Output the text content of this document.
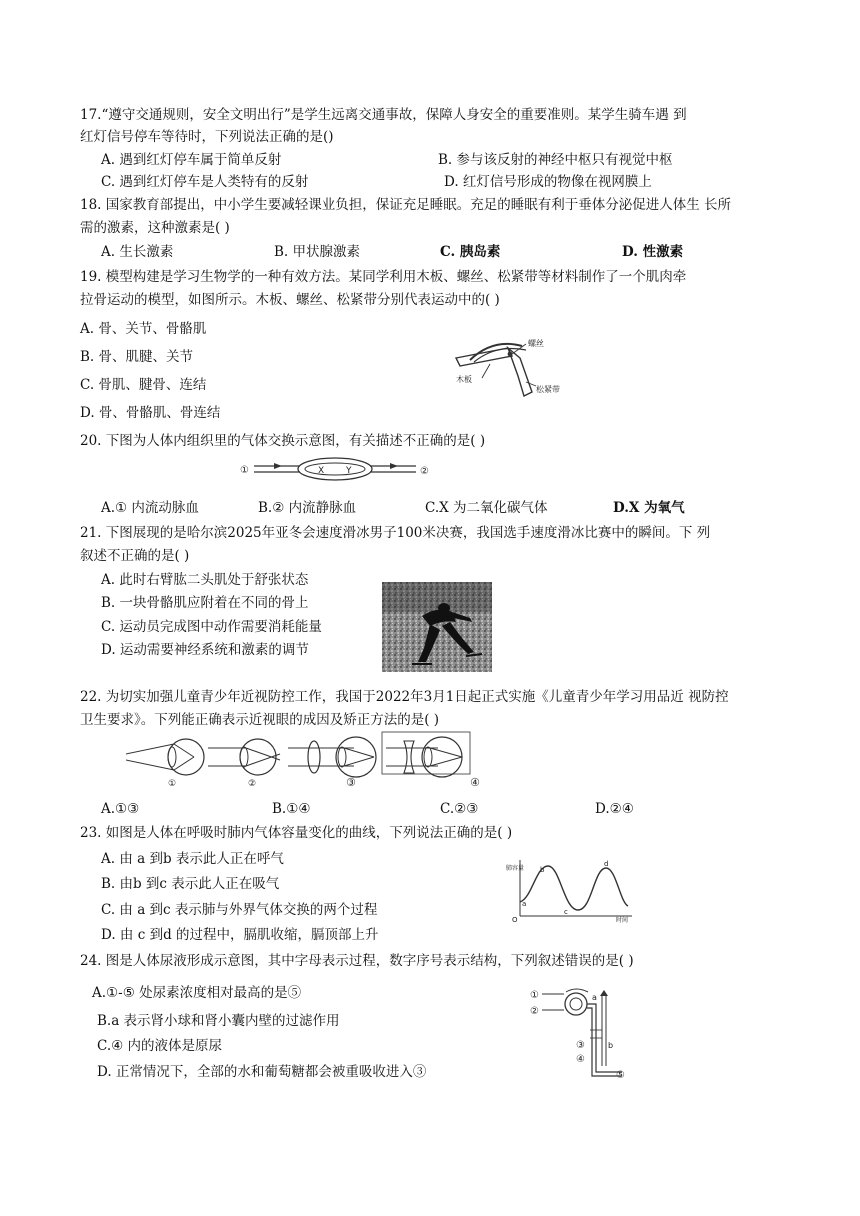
17.“遵守交通规则，安全文明出行”是学生远离交通事故，保障人身安全的重要准则。某学生骑车遇 到
红灯信号停车等待时，下列说法正确的是()
A. 遇到红灯停车属于简单反射	B. 参与该反射的神经中枢只有视觉中枢
C. 遇到红灯停车是人类特有的反射	D. 红灯信号形成的物像在视网膜上
18. 国家教育部提出，中小学生要减轻课业负担，保证充足睡眠。充足的睡眠有利于垂体分泌促进人体生 长所
需的激素，这种激素是( )
A. 生长激素	B. 甲状腺激素	C. 胰岛素	D. 性激素
19. 模型构建是学习生物学的一种有效方法。某同学利用木板、螺丝、松紧带等材料制作了一个肌肉牵
拉骨运动的模型，如图所示。木板、螺丝、松紧带分别代表运动中的( )
A. 骨、关节、骨骼肌
B. 骨、肌腱、关节
C. 骨肌、腱骨、连结
D. 骨、骨骼肌、骨连结
螺丝
木板
松紧带
20. 下图为人体内组织里的气体交换示意图，有关描述不正确的是( )
①	X Y	②
A.① 内流动脉血	B.② 内流静脉血	C.X 为二氧化碳气体	D.X 为氧气
21. 下图展现的是哈尔滨2025年亚冬会速度滑冰男子100米决赛，我国选手速度滑冰比赛中的瞬间。下 列
叙述不正确的是( )
A. 此时右臂肱二头肌处于舒张状态
B. 一块骨骼肌应附着在不同的骨上
C. 运动员完成图中动作需要消耗能量
D. 运动需要神经系统和激素的调节
22. 为切实加强儿童青少年近视防控工作，我国于2022年3月1日起正式实施《儿童青少年学习用品近 视防控
卫生要求》。下列能正确表示近视眼的成因及矫正方法的是( )
①	②	③	④
A.①③	B.①④	C.②③	D.②④
23. 如图是人体在呼吸时肺内气体容量变化的曲线，下列说法正确的是( )
A. 由 a 到b 表示此人正在呼气
B. 由b 到c 表示此人正在吸气
C. 由 a 到c 表示肺与外界气体交换的两个过程
D. 由 c 到d 的过程中，膈肌收缩，膈顶部上升
肺容量
时间
a
b
c
d
O
24. 图是人体尿液形成示意图，其中字母表示过程，数字序号表示结构，下列叙述错误的是( )
A.①-⑤ 处尿素浓度相对最高的是⑤
B.a 表示肾小球和肾小囊内壁的过滤作用
C.④ 内的液体是原尿
D. 正常情况下，全部的水和葡萄糖都会被重吸收进入③
①
②
③
④
⑤
a
b
